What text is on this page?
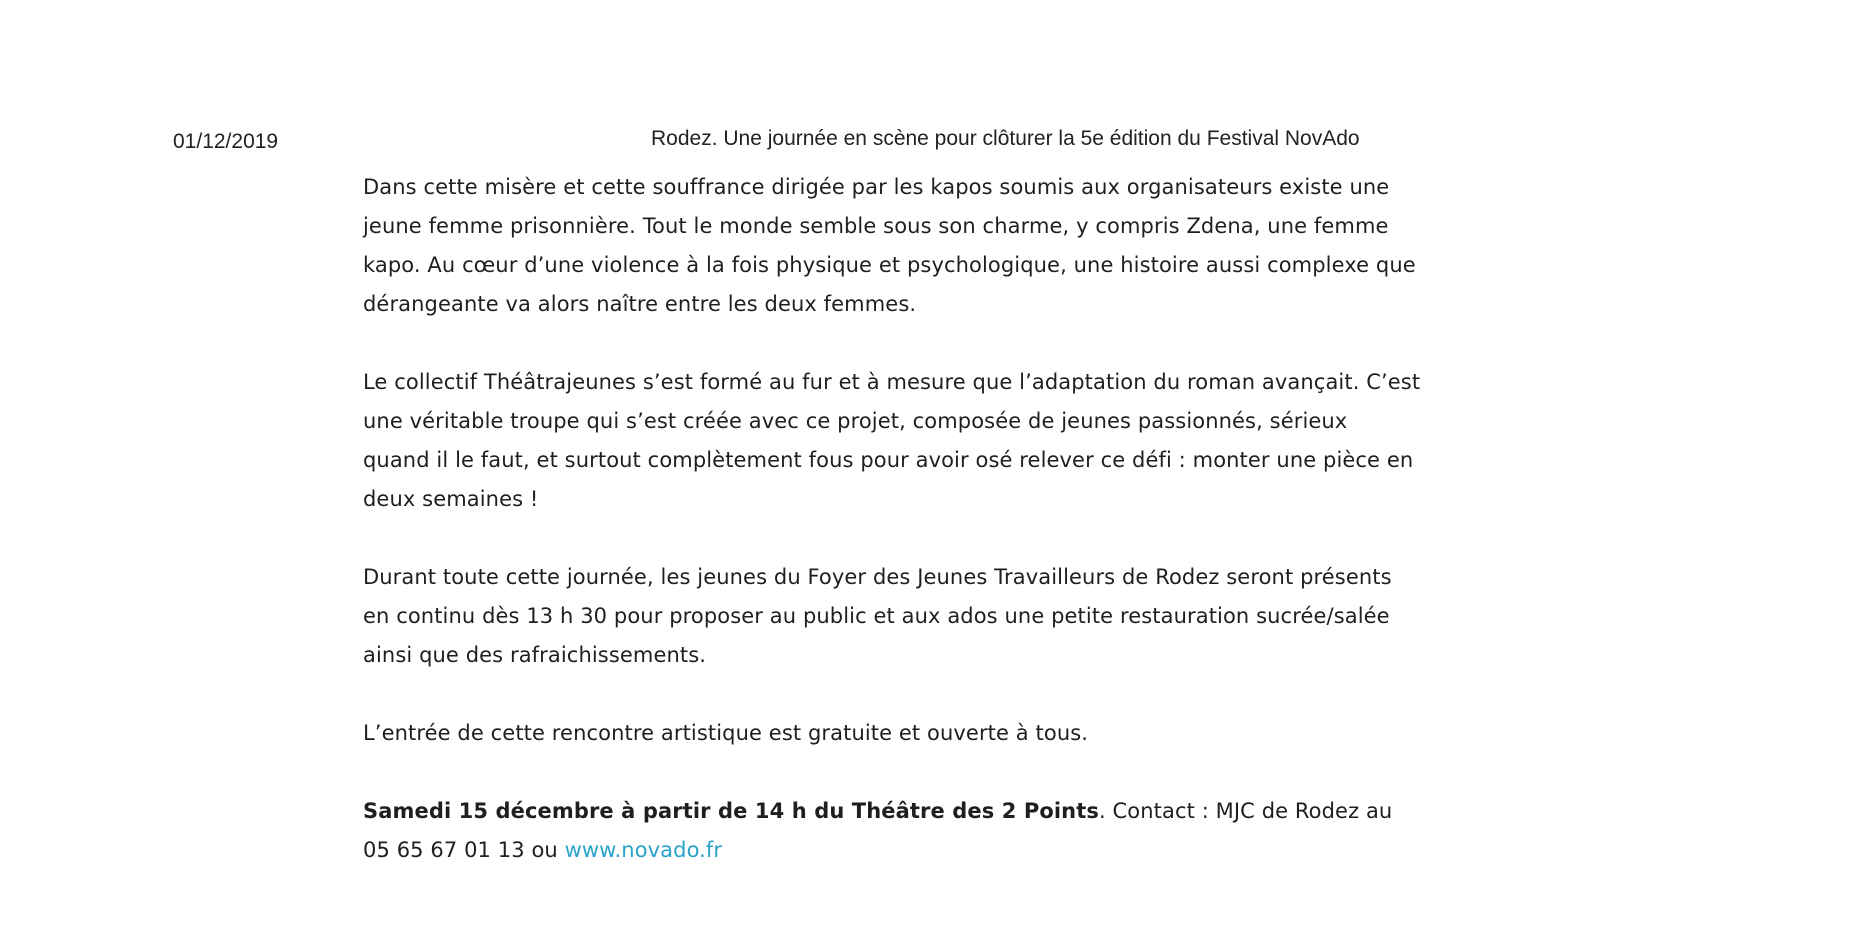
01/12/2019	Rodez. Une journée en scène pour clôturer la 5e édition du Festival NovAdo

Dans cette misère et cette souffrance dirigée par les kapos soumis aux organisateurs existe une
jeune femme prisonnière. Tout le monde semble sous son charme, y compris Zdena, une femme
kapo. Au cœur d’une violence à la fois physique et psychologique, une histoire aussi complexe que
dérangeante va alors naître entre les deux femmes.

Le collectif Théâtrajeunes s’est formé au fur et à mesure que l’adaptation du roman avançait. C’est
une véritable troupe qui s’est créée avec ce projet, composée de jeunes passionnés, sérieux
quand il le faut, et surtout complètement fous pour avoir osé relever ce défi : monter une pièce en
deux semaines !

Durant toute cette journée, les jeunes du Foyer des Jeunes Travailleurs de Rodez seront présents
en continu dès 13 h 30 pour proposer au public et aux ados une petite restauration sucrée/salée
ainsi que des rafraichissements.

L’entrée de cette rencontre artistique est gratuite et ouverte à tous.

Samedi 15 décembre à partir de 14 h du Théâtre des 2 Points. Contact : MJC de Rodez au
05 65 67 01 13 ou www.novado.fr
